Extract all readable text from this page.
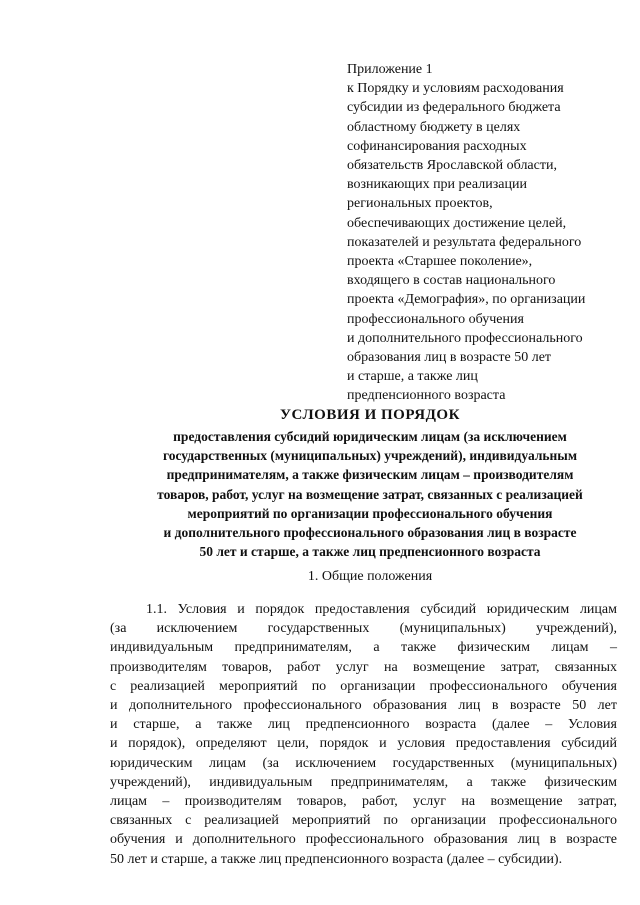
Приложение 1
к Порядку и условиям расходования
субсидии из федерального бюджета
областному бюджету в целях
софинансирования расходных
обязательств Ярославской области,
возникающих при реализации
региональных проектов,
обеспечивающих достижение целей,
показателей и результата федерального
проекта «Старшее поколение»,
входящего в состав национального
проекта «Демография», по организации
профессионального обучения
и дополнительного профессионального
образования лиц в возрасте 50 лет
и старше, а также лиц
предпенсионного возраста
УСЛОВИЯ И ПОРЯДОК
предоставления субсидий юридическим лицам (за исключением
государственных (муниципальных) учреждений), индивидуальным
предпринимателям, а также физическим лицам – производителям
товаров, работ, услуг на возмещение затрат, связанных с реализацией
мероприятий по организации профессионального обучения
и дополнительного профессионального образования лиц в возрасте
50 лет и старше, а также лиц предпенсионного возраста
1. Общие положения
1.1. Условия и порядок предоставления субсидий юридическим лицам
(за исключением государственных (муниципальных) учреждений),
индивидуальным предпринимателям, а также физическим лицам –
производителям товаров, работ услуг на возмещение затрат, связанных
с реализацией мероприятий по организации профессионального обучения
и дополнительного профессионального образования лиц в возрасте 50 лет
и старше, а также лиц предпенсионного возраста (далее – Условия
и порядок), определяют цели, порядок и условия предоставления субсидий
юридическим лицам (за исключением государственных (муниципальных)
учреждений), индивидуальным предпринимателям, а также физическим
лицам – производителям товаров, работ, услуг на возмещение затрат,
связанных с реализацией мероприятий по организации профессионального
обучения и дополнительного профессионального образования лиц в возрасте
50 лет и старше, а также лиц предпенсионного возраста (далее – субсидии).
